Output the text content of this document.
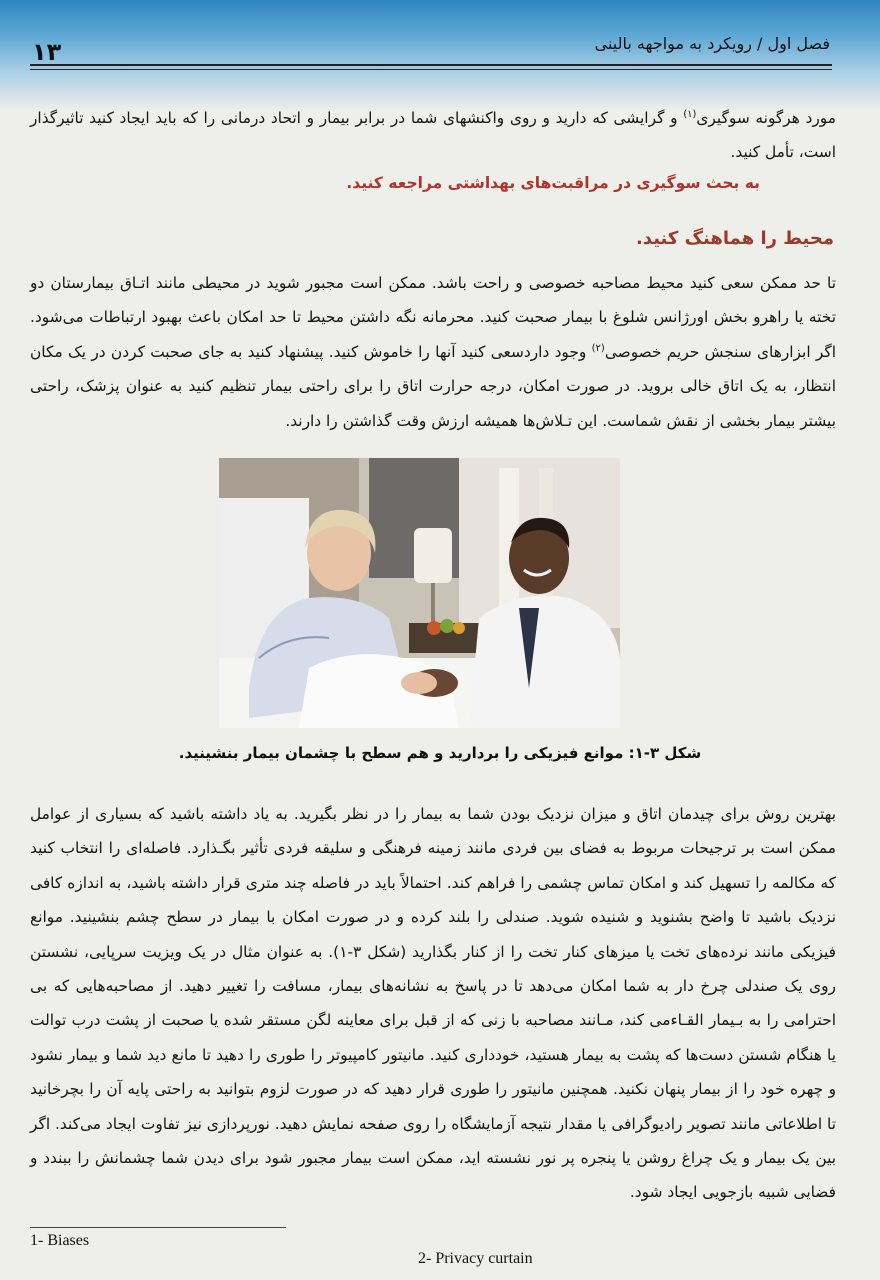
۱۳	فصل اول / رویکرد به مواجهه بالینی
مورد هرگونه سوگیری$^{(۱)}$ و گرایشی که دارید و روی واکنشهای شما در برابر بیمار و اتحاد درمانی را که باید ایجاد کنید تاثیرگذار است، تأمل کنید.
به بحث سوگیری در مراقبت‌های بهداشتی مراجعه کنید.
محیط را هماهنگ کنید.
تا حد ممکن سعی کنید محیط مصاحبه خصوصی و راحت باشد. ممکن است مجبور شوید در محیطی مانند اتـاق بیمارستان دو تخته یا راهرو بخش اورژانس شلوغ با بیمار صحبت کنید. محرمانه نگه داشتن محیط تا حد امکان باعث بهبود ارتباطات می‌شود. اگر ابزارهای سنجش حریم خصوصی$^{(۲)}$ وجود داردسعی کنید آنها را خاموش کنید. پیشنهاد کنید به جای صحبت کردن در یک مکان انتظار، به یک اتاق خالی بروید. در صورت امکان، درجه حرارت اتاق را برای راحتی بیمار تنظیم کنید به عنوان پزشک، راحتی بیشتر بیمار بخشی از نقش شماست. این تـلاش‌ها همیشه ارزش وقت گذاشتن را دارند.
شکل ۳-۱: موانع فیزیکی را بردارید و هم سطح با چشمان بیمار بنشینید.
بهترین روش برای چیدمان اتاق و میزان نزدیک بودن شما به بیمار را در نظر بگیرید. به یاد داشته باشید که بسیاری از عوامل ممکن است بر ترجیحات مربوط به فضای بین فردی مانند زمینه فرهنگی و سلیقه فردی تأثیر بگـذارد. فاصله‌ای را انتخاب کنید که مکالمه را تسهیل کند و امکان تماس چشمی را فراهم کند. احتمالاً باید در فاصله چند متری قرار داشته باشید، به اندازه کافی نزدیک باشید تا واضح بشنوید و شنیده شوید. صندلی را بلند کرده و در صورت امکان با بیمار در سطح چشم بنشینید. موانع فیزیکی مانند نرده‌های تخت یا میزهای کنار تخت را از کنار بگذارید (شکل ۳-۱). به عنوان مثال در یک ویزیت سرپایی، نشستن روی یک صندلی چرخ دار به شما امکان می‌دهد تا در پاسخ به نشانه‌های بیمار، مسافت را تغییر دهید. از مصاحبه‌هایی که بی احترامی را به بـیمار القـاءمی کند، مـانند مصاحبه با زنی که از قبل برای معاینه لگن مستقر شده یا صحبت از پشت درب توالت یا هنگام شستن دست‌ها که پشت به بیمار هستید، خودداری کنید. مانیتور کامپیوتر را طوری را دهید تا مانع دید شما و بیمار نشود و چهره خود را از بیمار پنهان نکنید. همچنین مانیتور را طوری قرار دهید که در صورت لزوم بتوانید به راحتی پایه آن را بچرخانید تا اطلاعاتی مانند تصویر رادیوگرافی یا مقدار نتیجه آزمایشگاه را روی صفحه نمایش دهید. نورپردازی نیز تفاوت ایجاد می‌کند. اگر بین یک بیمار و یک چراغ روشن یا پنجره پر نور نشسته اید، ممکن است بیمار مجبور شود برای دیدن شما چشمانش را ببندد و فضایی شبیه بازجویی ایجاد شود.
1- Biases
2- Privacy curtain
